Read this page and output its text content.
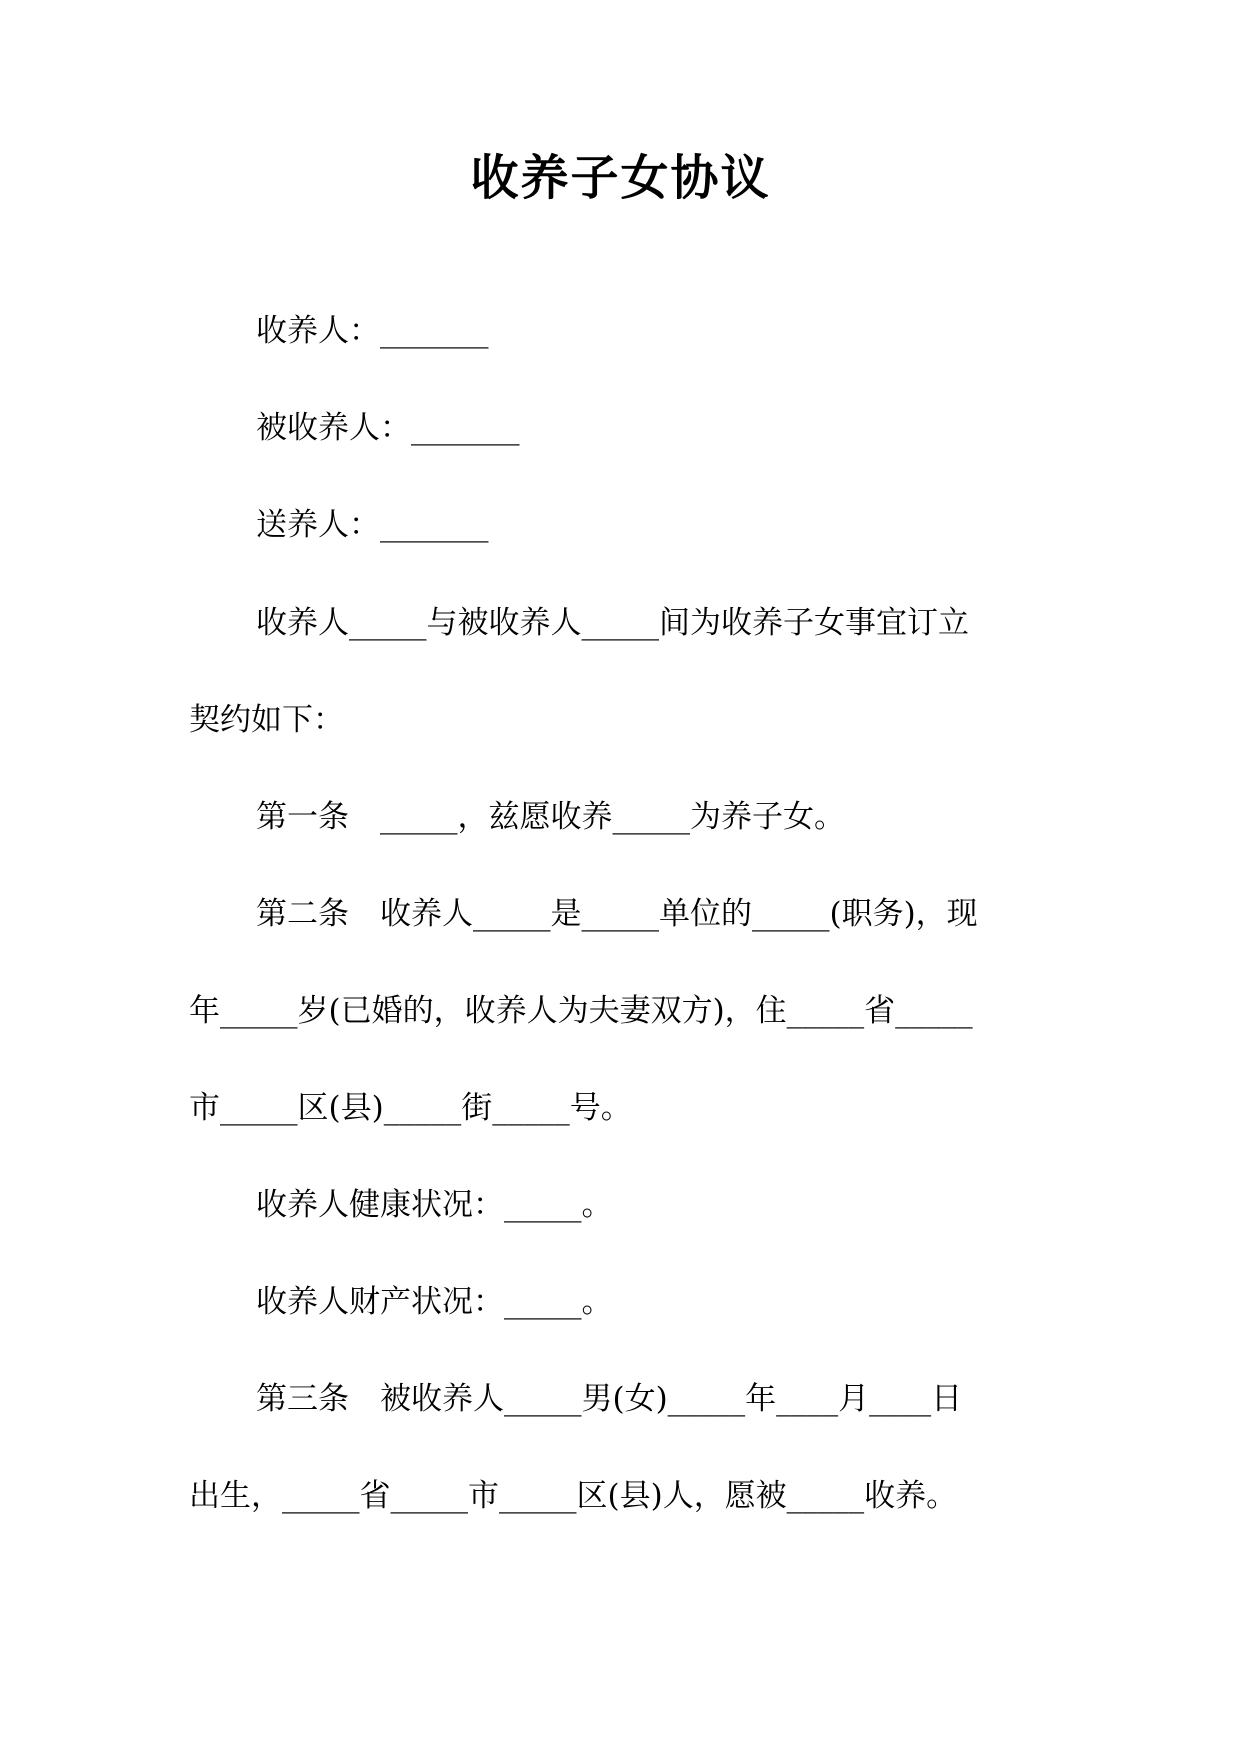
收养子女协议
收养人：_______
被收养人：_______
送养人：_______
收养人_____与被收养人_____间为收养子女事宜订立
契约如下：
第一条　_____，兹愿收养_____为养子女。
第二条　收养人_____是_____单位的_____(职务)，现
年_____岁(已婚的，收养人为夫妻双方)，住_____省_____
市_____区(县)_____街_____号。
收养人健康状况：_____。
收养人财产状况：_____。
第三条　被收养人_____男(女)_____年____月____日
出生，_____省_____市_____区(县)人，愿被_____收养。
